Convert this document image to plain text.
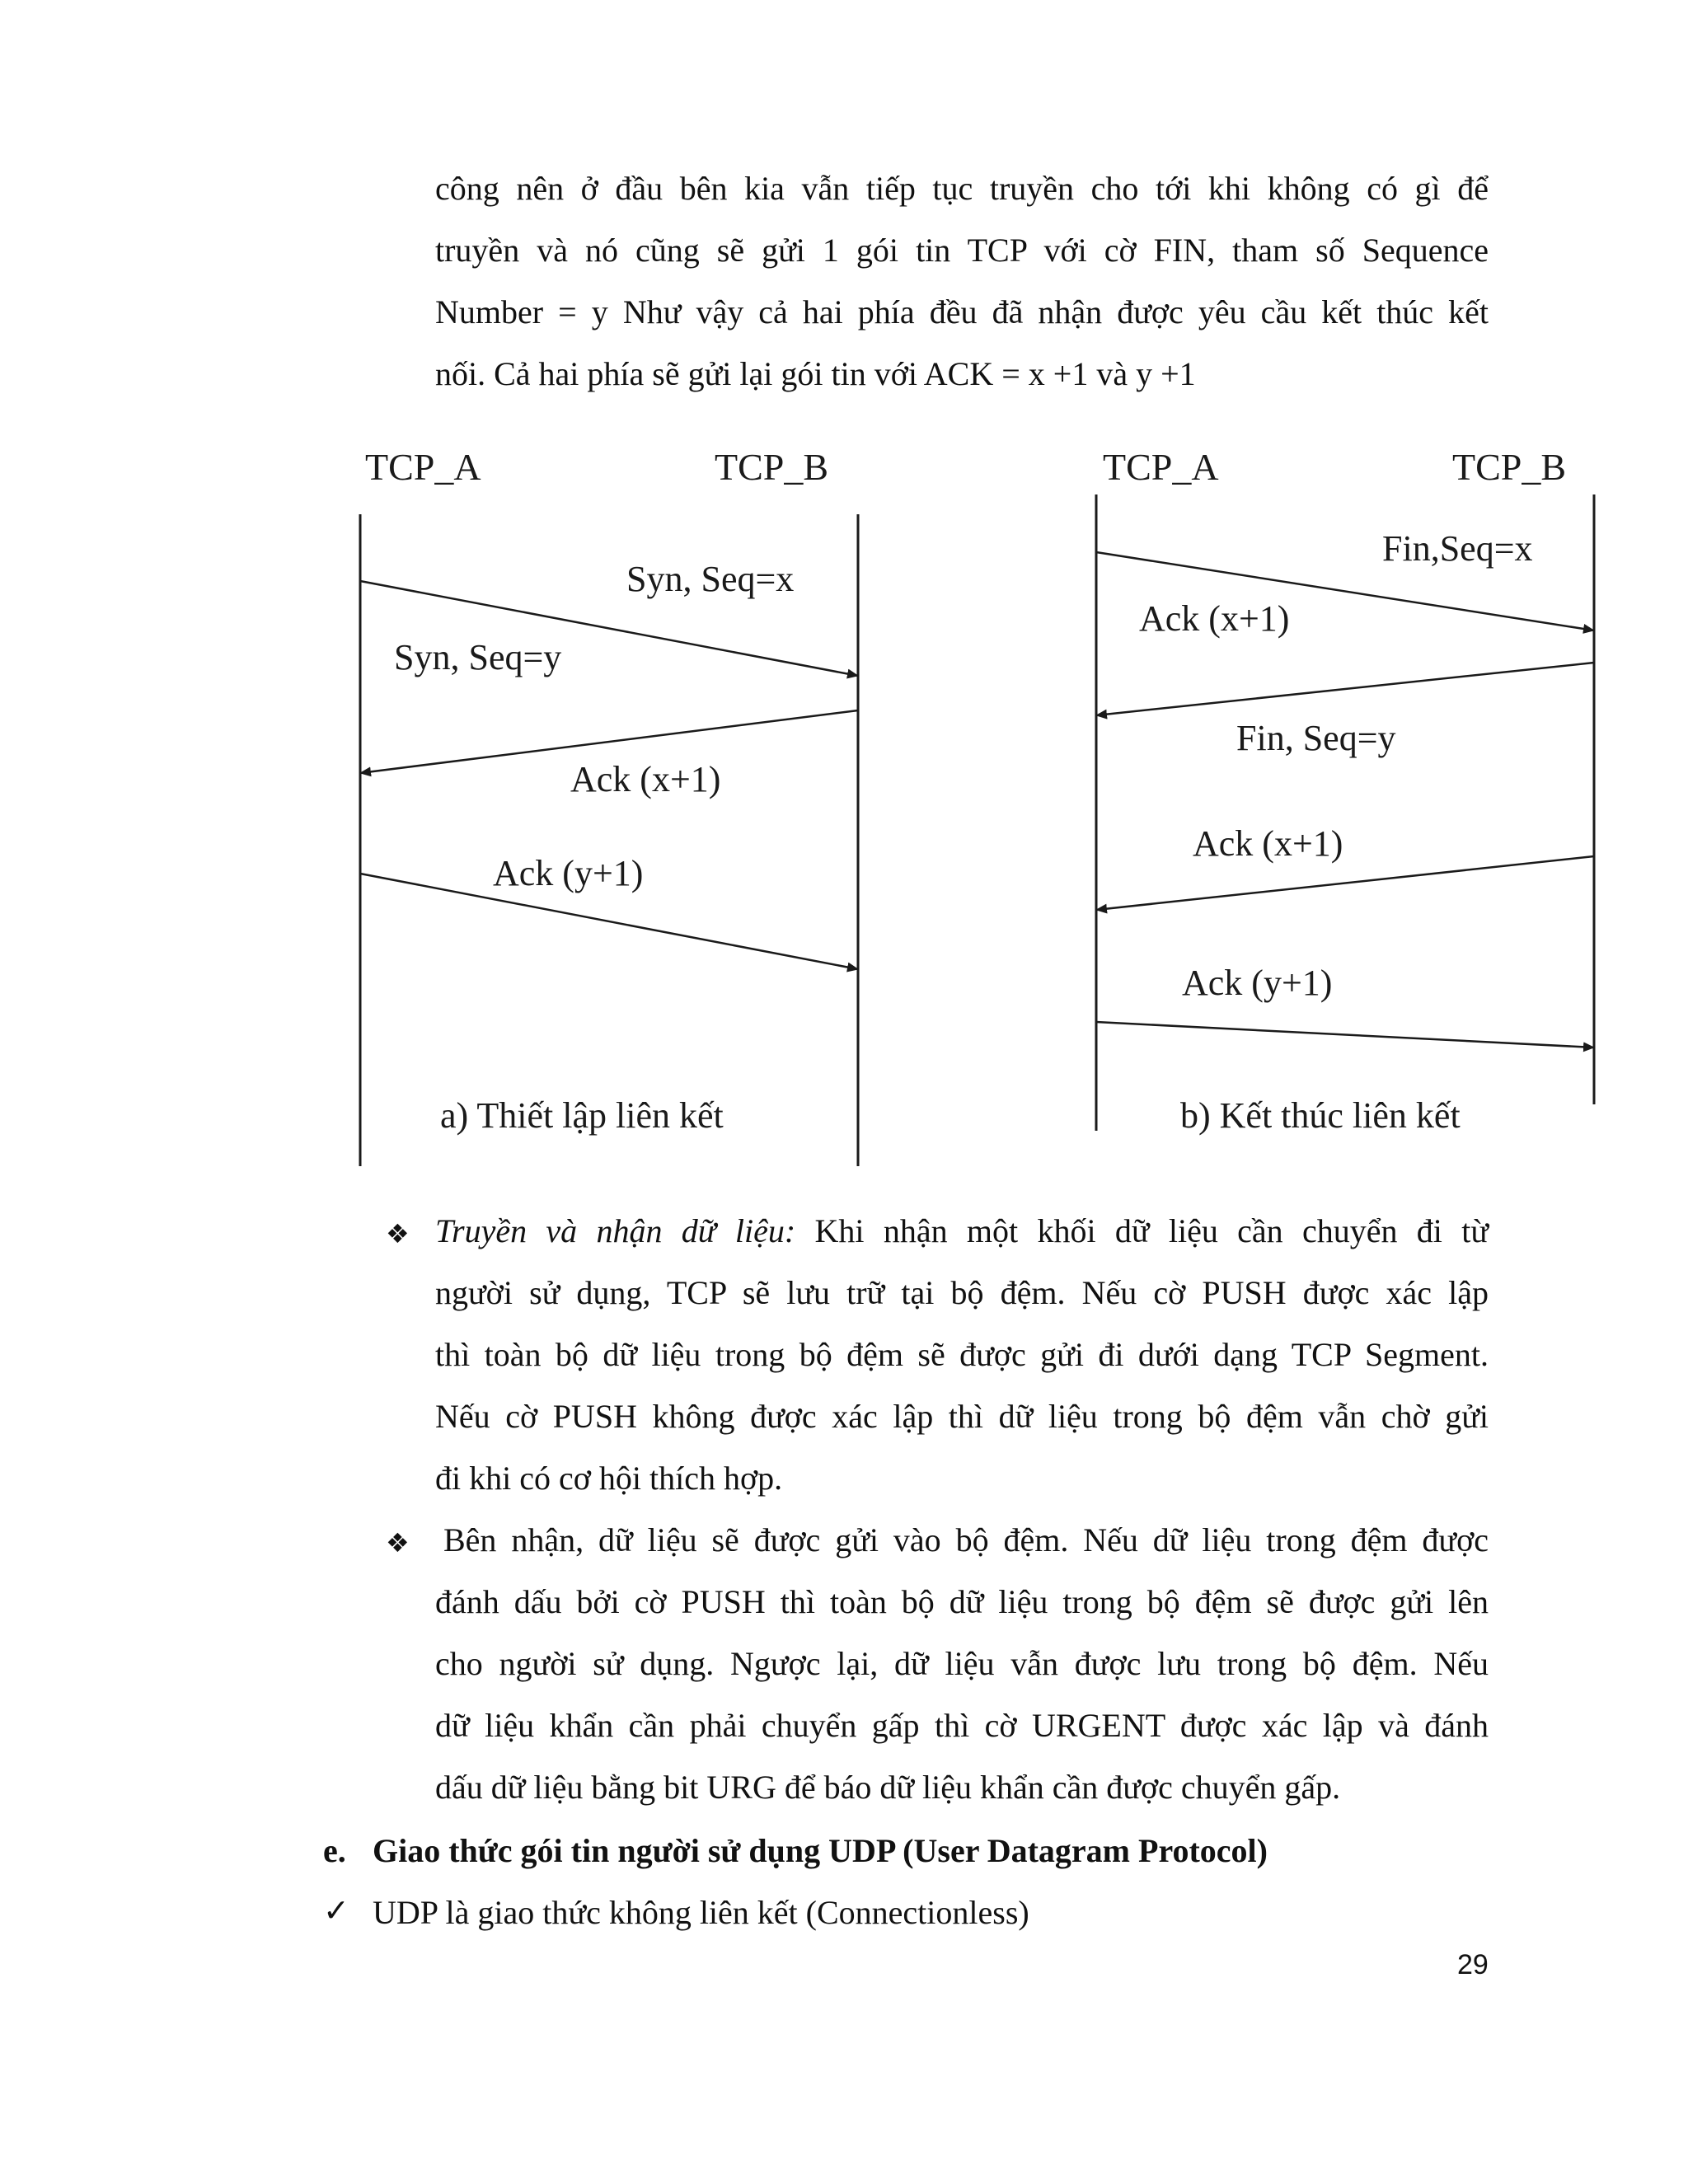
công nên ở đầu bên kia vẫn tiếp tục truyền cho tới khi không có gì để
truyền và nó cũng sẽ gửi 1 gói tin TCP với cờ FIN, tham số Sequence
Number = y Như vậy cả hai phía đều đã nhận được yêu cầu kết thúc kết
nối. Cả hai phía sẽ gửi lại gói tin với ACK = x +1 và y +1
TCP_A	TCP_B
Syn, Seq=x
Syn, Seq=y
Ack (x+1)
Ack (y+1)
a) Thiết lập liên kết
TCP_A	TCP_B
Fin,Seq=x
Ack (x+1)
Fin, Seq=y
Ack (x+1)
Ack (y+1)
b) Kết thúc liên kết
❖ Truyền và nhận dữ liệu: Khi nhận một khối dữ liệu cần chuyển đi từ
người sử dụng, TCP sẽ lưu trữ tại bộ đệm. Nếu cờ PUSH được xác lập
thì toàn bộ dữ liệu trong bộ đệm sẽ được gửi đi dưới dạng TCP Segment.
Nếu cờ PUSH không được xác lập thì dữ liệu trong bộ đệm vẫn chờ gửi
đi khi có cơ hội thích hợp.
❖ Bên nhận, dữ liệu sẽ được gửi vào bộ đệm. Nếu dữ liệu trong đệm được
đánh dấu bởi cờ PUSH thì toàn bộ dữ liệu trong bộ đệm sẽ được gửi lên
cho người sử dụng. Ngược lại, dữ liệu vẫn được lưu trong bộ đệm. Nếu
dữ liệu khẩn cần phải chuyển gấp thì cờ URGENT được xác lập và đánh
dấu dữ liệu bằng bit URG để báo dữ liệu khẩn cần được chuyển gấp.
e. Giao thức gói tin người sử dụng UDP (User Datagram Protocol)
✓ UDP là giao thức không liên kết (Connectionless)
29
